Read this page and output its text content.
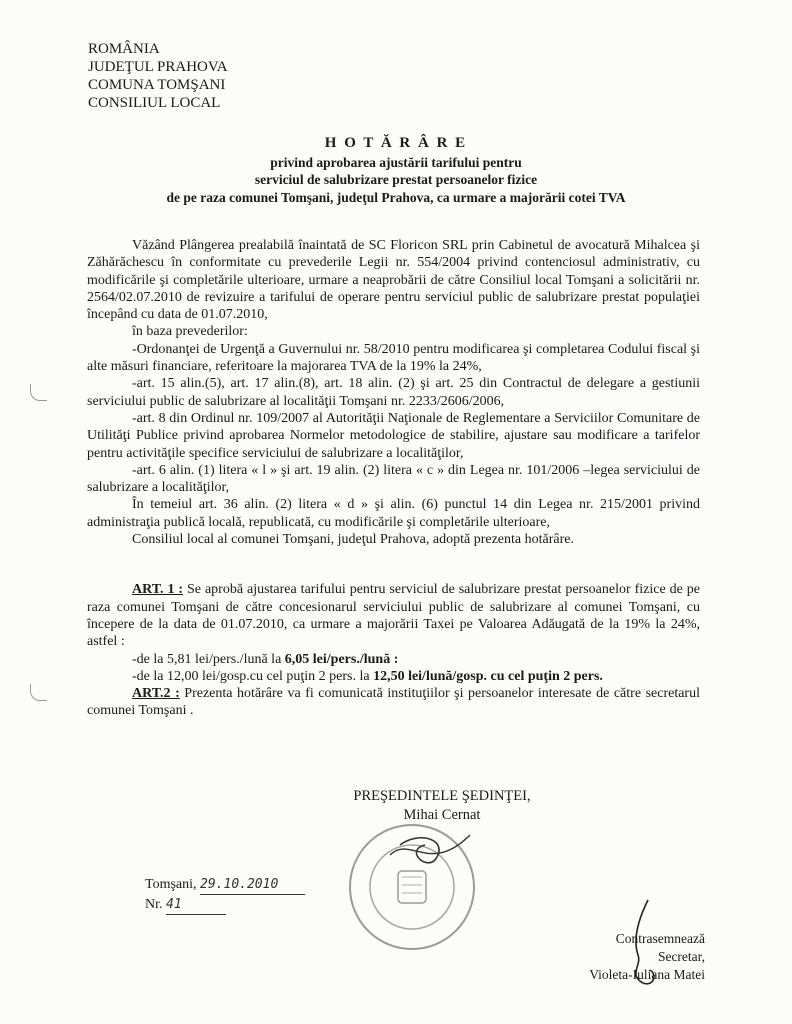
ROMÂNIA
JUDEŢUL PRAHOVA
COMUNA TOMŞANI
CONSILIUL LOCAL
H O T Ă R Â R E
privind aprobarea ajustării tarifului pentru
serviciul de salubrizare prestat persoanelor fizice
de pe raza comunei Tomşani, judeţul Prahova, ca urmare a majorării cotei TVA

Văzând Plângerea prealabilă înaintată de SC Floricon SRL prin Cabinetul de avocatură Mihalcea şi Zăhărăchescu în conformitate cu prevederile Legii nr. 554/2004 privind contenciosul administrativ, cu modificările şi completările ulterioare, urmare a neaprobării de către Consiliul local Tomşani a solicitării nr. 2564/02.07.2010 de revizuire a tarifului de operare pentru serviciul public de salubrizare prestat populaţiei începând cu data de 01.07.2010,

în baza prevederilor:

-Ordonanţei de Urgenţă a Guvernului nr. 58/2010 pentru modificarea şi completarea Codului fiscal şi alte măsuri financiare, referitoare la majorarea TVA de la 19% la 24%,

-art. 15 alin.(5), art. 17 alin.(8), art. 18 alin. (2) şi art. 25 din Contractul de delegare a gestiunii serviciului public de salubrizare al localităţii Tomşani nr. 2233/2606/2006,

-art. 8 din Ordinul nr. 109/2007 al Autorităţii Naţionale de Reglementare a Serviciilor Comunitare de Utilităţi Publice privind aprobarea Normelor metodologice de stabilire, ajustare sau modificare a tarifelor pentru activităţile specifice serviciului de salubrizare a localităţilor,

-art. 6 alin. (1) litera « l » şi art. 19 alin. (2) litera « c » din Legea nr. 101/2006 –legea serviciului de salubrizare a localităţilor,

În temeiul art. 36 alin. (2) litera « d » şi alin. (6) punctul 14 din Legea nr. 215/2001 privind administraţia publică locală, republicată, cu modificările şi completările ulterioare,

Consiliul local al comunei Tomşani, judeţul Prahova, adoptă prezenta hotărâre.

ART. 1 : Se aprobă ajustarea tarifului pentru serviciul de salubrizare prestat persoanelor fizice de pe raza comunei Tomşani de către concesionarul serviciului public de salubrizare al comunei Tomşani, cu începere de la data de 01.07.2010, ca urmare a majorării Taxei pe Valoarea Adăugată de la 19% la 24%, astfel :

-de la 5,81 lei/pers./lună la 6,05 lei/pers./lună :

-de la 12,00 lei/gosp.cu cel puţin 2 pers. la 12,50 lei/lună/gosp. cu cel puţin 2 pers.

ART.2 : Prezenta hotărâre va fi comunicată instituţiilor şi persoanelor interesate de către secretarul comunei Tomşani .

PREŞEDINTELE ŞEDINŢEI,
Mihai Cernat
Tomşani, 29.10.2010
Nr. 41
Contrasemnează
Secretar,
Violeta-Iuliana Matei
